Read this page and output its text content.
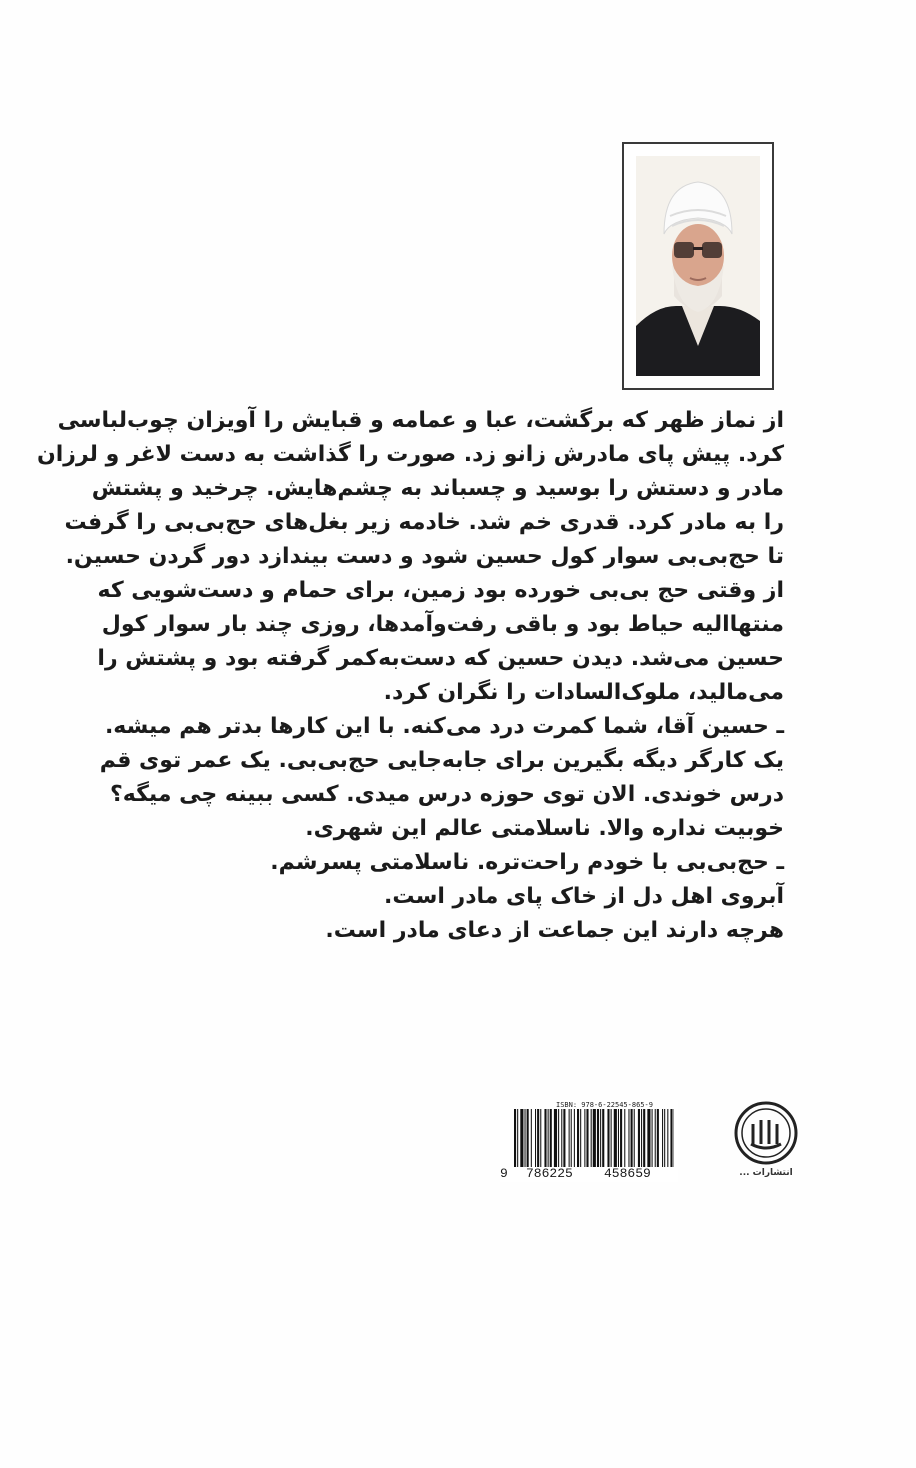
از نماز ظهر که برگشت، عبا و عمامه و قبایش را آویزان چوب‌لباسی
کرد. پیش پای مادرش زانو زد. صورت را گذاشت به دست لاغر و لرزان
مادر و دستش را بوسید و چسباند به چشم‌هایش. چرخید و پشتش
را به مادر کرد. قدری خم شد. خادمه زیر بغل‌های حج‌بی‌بی را گرفت
تا حج‌بی‌بی سوار کول حسین شود و دست بیندازد دور گردن حسین.
از وقتی حج بی‌بی خورده بود زمین، برای حمام و دست‌شویی که
منتهاالیه حیاط بود و باقی رفت‌وآمدها، روزی چند بار سوار کول
حسین می‌شد. دیدن حسین که دست‌به‌کمر گرفته بود و پشتش را
می‌مالید، ملوک‌السادات را نگران کرد.
ـ حسین آقا، شما کمرت درد می‌کنه. با این کارها بدتر هم میشه.
یک کارگر دیگه بگیرین برای جابه‌جایی حج‌بی‌بی. یک عمر توی قم
درس خوندی. الان توی حوزه درس میدی. کسی ببینه چی میگه؟
خوبیت نداره والا. ناسلامتی عالم این شهری.
ـ حج‌بی‌بی با خودم راحت‌تره. ناسلامتی پسرشم.
آبروی اهل دل از خاک پای مادر است.
هرچه دارند این جماعت از دعای مادر است.
ISBN: 978-6-22545-865-9
9 786225 458659	انتشارات ...
